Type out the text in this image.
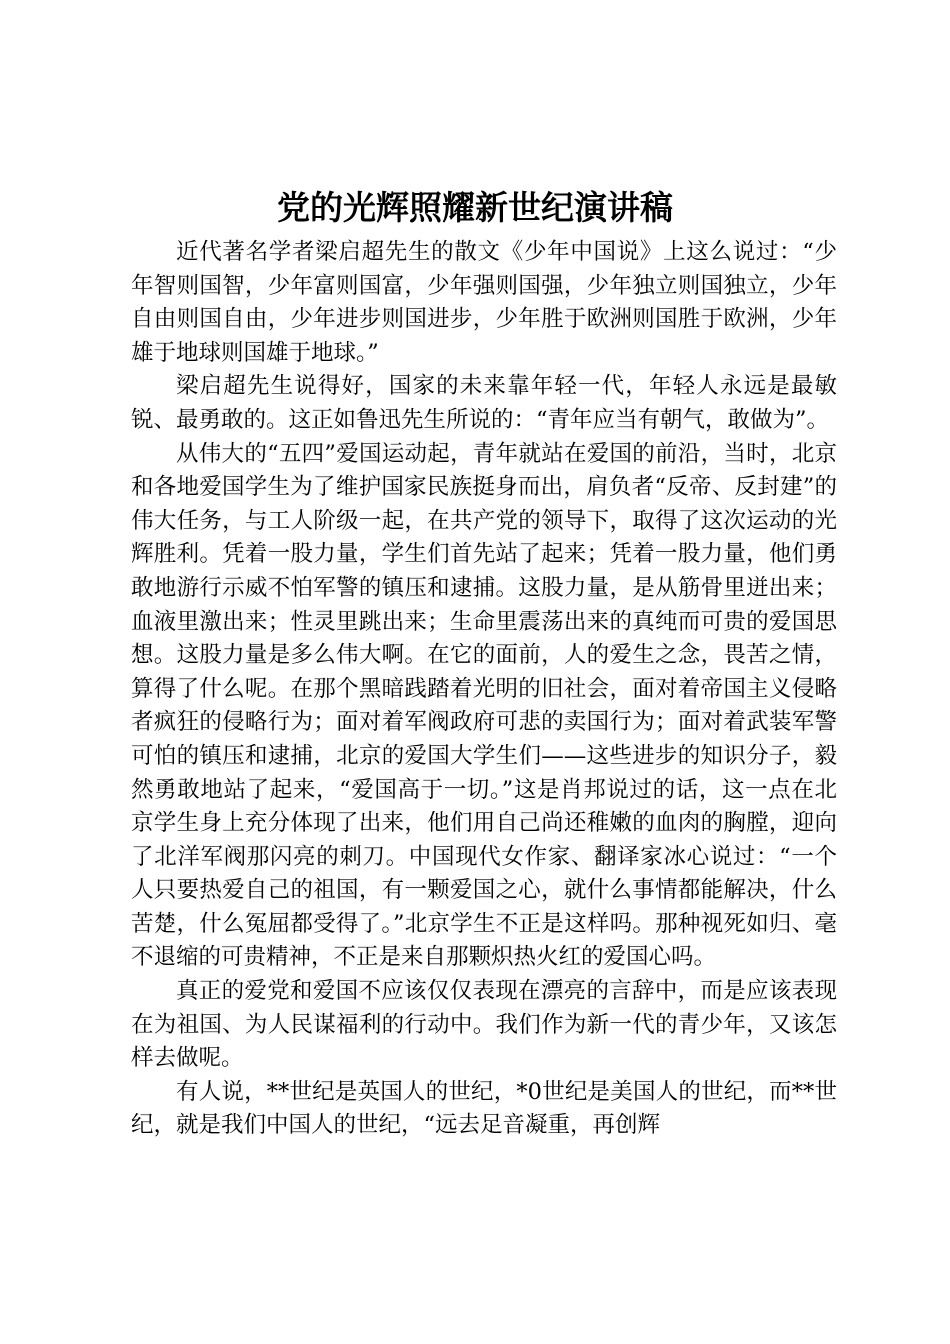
党的光辉照耀新世纪演讲稿

近代著名学者梁启超先生的散文《少年中国说》上这么说过：“少年智则国智，少年富则国富，少年强则国强，少年独立则国独立，少年自由则国自由，少年进步则国进步，少年胜于欧洲则国胜于欧洲，少年雄于地球则国雄于地球。”

梁启超先生说得好，国家的未来靠年轻一代，年轻人永远是最敏锐、最勇敢的。这正如鲁迅先生所说的：“青年应当有朝气，敢做为”。

从伟大的“五四”爱国运动起，青年就站在爱国的前沿，当时，北京和各地爱国学生为了维护国家民族挺身而出，肩负者“反帝、反封建”的伟大任务，与工人阶级一起，在共产党的领导下，取得了这次运动的光辉胜利。凭着一股力量，学生们首先站了起来；凭着一股力量，他们勇敢地游行示威不怕军警的镇压和逮捕。这股力量，是从筋骨里迸出来；血液里激出来；性灵里跳出来；生命里震荡出来的真纯而可贵的爱国思想。这股力量是多么伟大啊。在它的面前，人的爱生之念，畏苦之情，算得了什么呢。在那个黑暗践踏着光明的旧社会，面对着帝国主义侵略者疯狂的侵略行为；面对着军阀政府可悲的卖国行为；面对着武装军警可怕的镇压和逮捕，北京的爱国大学生们——这些进步的知识分子，毅然勇敢地站了起来，“爱国高于一切。”这是肖邦说过的话，这一点在北京学生身上充分体现了出来，他们用自己尚还稚嫩的血肉的胸膛，迎向了北洋军阀那闪亮的刺刀。中国现代女作家、翻译家冰心说过：“一个人只要热爱自己的祖国，有一颗爱国之心，就什么事情都能解决，什么苦楚，什么冤屈都受得了。”北京学生不正是这样吗。那种视死如归、毫不退缩的可贵精神，不正是来自那颗炽热火红的爱国心吗。

真正的爱党和爱国不应该仅仅表现在漂亮的言辞中，而是应该表现在为祖国、为人民谋福利的行动中。我们作为新一代的青少年，又该怎样去做呢。

有人说，**世纪是英国人的世纪，*0世纪是美国人的世纪，而**世纪，就是我们中国人的世纪，“远去足音凝重，再创辉
